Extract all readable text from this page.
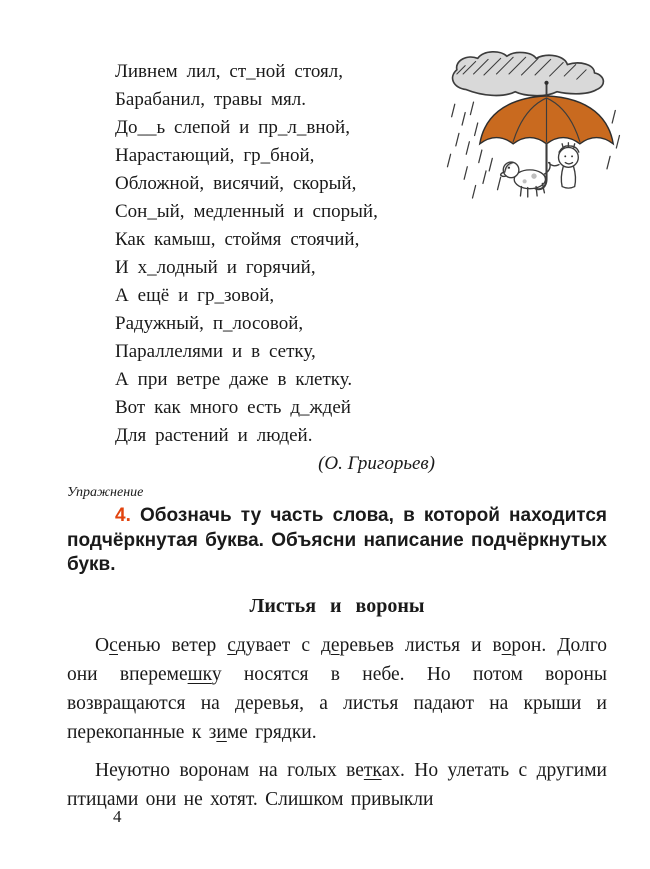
Ливнем лил, ст_ной стоял,
Барабанил, травы мял.
До__ь слепой и пр_л_вной,
Нарастающий, гр_бной,
Обложной, висячий, скорый,
Сон_ый, медленный и спорый,
Как камыш, стоймя стоячий,
И х_лодный и горячий,
А ещё и гр_зовой,
Радужный, п_лосовой,
Параллелями и в сетку,
А при ветре даже в клетку.
Вот как много есть д_ждей
Для растений и людей.
(О. Григорьев)
Упражнение

4. Обозначь ту часть слова, в которой находится подчёркнутая буква. Объясни написание подчёркнутых букв.

Листья и вороны

Осенью ветер сдувает с деревьев листья и ворон. Долго они вперемешку носятся в небе. Но потом вороны возвращаются на деревья, а листья падают на крыши и перекопанные к зиме грядки.

Неуютно воронам на голых ветках. Но улетать с другими птицами они не хотят. Слишком привыкли

4
